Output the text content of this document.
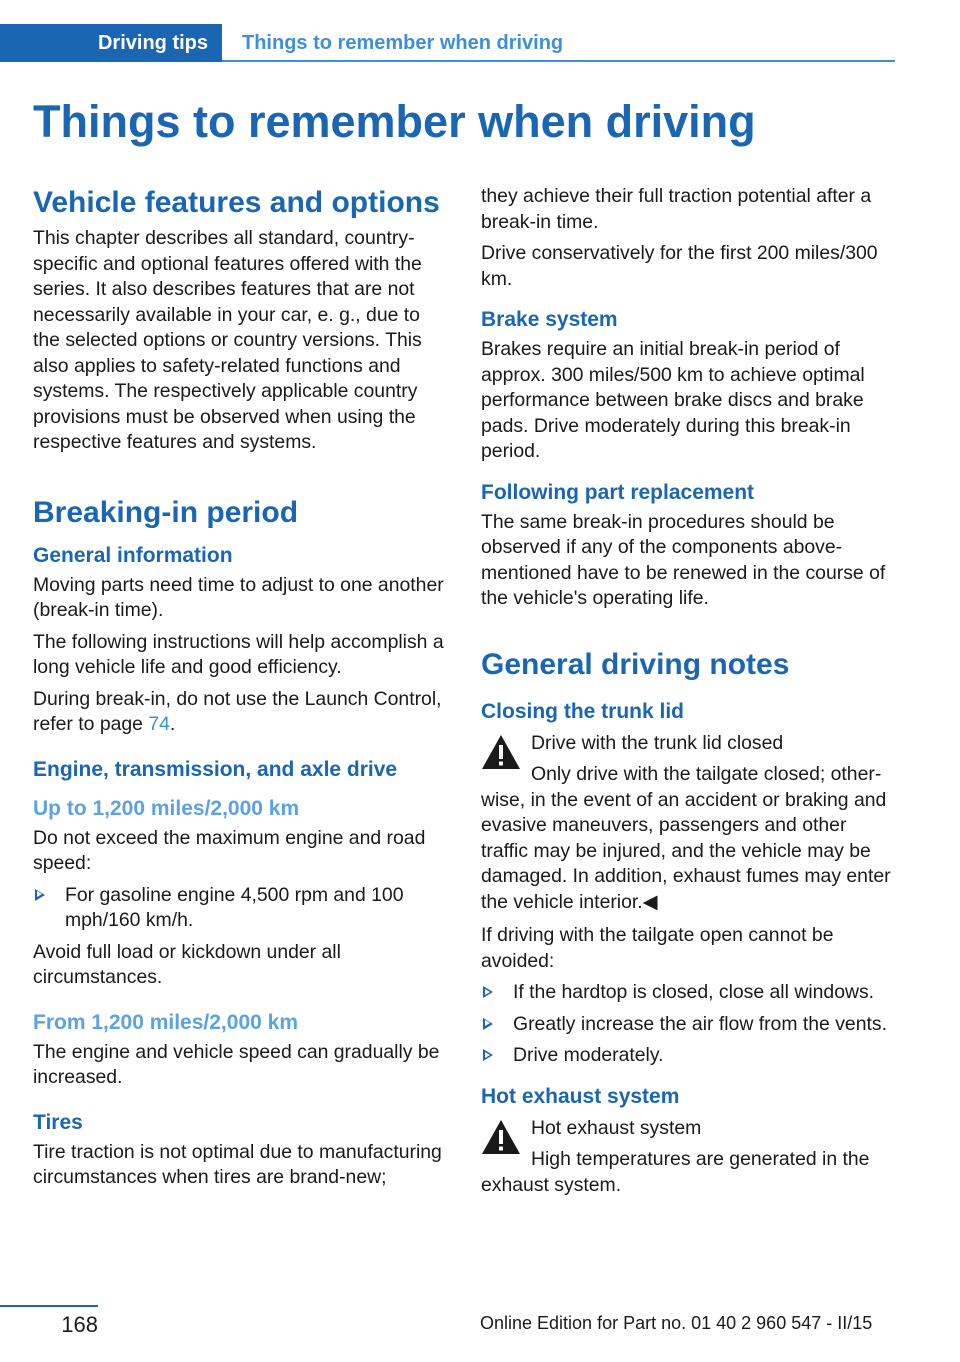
Driving tips	Things to remember when driving
Things to remember when driving
Vehicle features and options

This chapter describes all standard, country-specific and optional features offered with the series. It also describes features that are not necessarily available in your car, e. g., due to the selected options or country versions. This also applies to safety-related functions and systems. The respectively applicable country provisions must be observed when using the respective features and systems.

Breaking-in period
General information

Moving parts need time to adjust to one another (break-in time).

The following instructions will help accomplish a long vehicle life and good efficiency.

During break-in, do not use the Launch Control, refer to page 74.

Engine, transmission, and axle drive
Up to 1,200 miles/2,000 km

Do not exceed the maximum engine and road speed:

For gasoline engine 4,500 rpm and 100 mph/160 km/h.

Avoid full load or kickdown under all circumstances.

From 1,200 miles/2,000 km

The engine and vehicle speed can gradually be increased.

Tires

Tire traction is not optimal due to manufacturing circumstances when tires are brand-new;

they achieve their full traction potential after a break-in time.

Drive conservatively for the first 200 miles/300 km.

Brake system

Brakes require an initial break-in period of approx. 300 miles/500 km to achieve optimal performance between brake discs and brake pads. Drive moderately during this break-in period.

Following part replacement

The same break-in procedures should be observed if any of the components above-mentioned have to be renewed in the course of the vehicle's operating life.

General driving notes
Closing the trunk lid
Drive with the trunk lid closed
Only drive with the tailgate closed; other-
wise, in the event of an accident or braking and evasive maneuvers, passengers and other traffic may be injured, and the vehicle may be damaged. In addition, exhaust fumes may enter the vehicle interior.◀

If driving with the tailgate open cannot be avoided:

If the hardtop is closed, close all windows.
Greatly increase the air flow from the vents.
Drive moderately.
Hot exhaust system
Hot exhaust system
High temperatures are generated in the
exhaust system.
168	Online Edition for Part no. 01 40 2 960 547 - II/15
